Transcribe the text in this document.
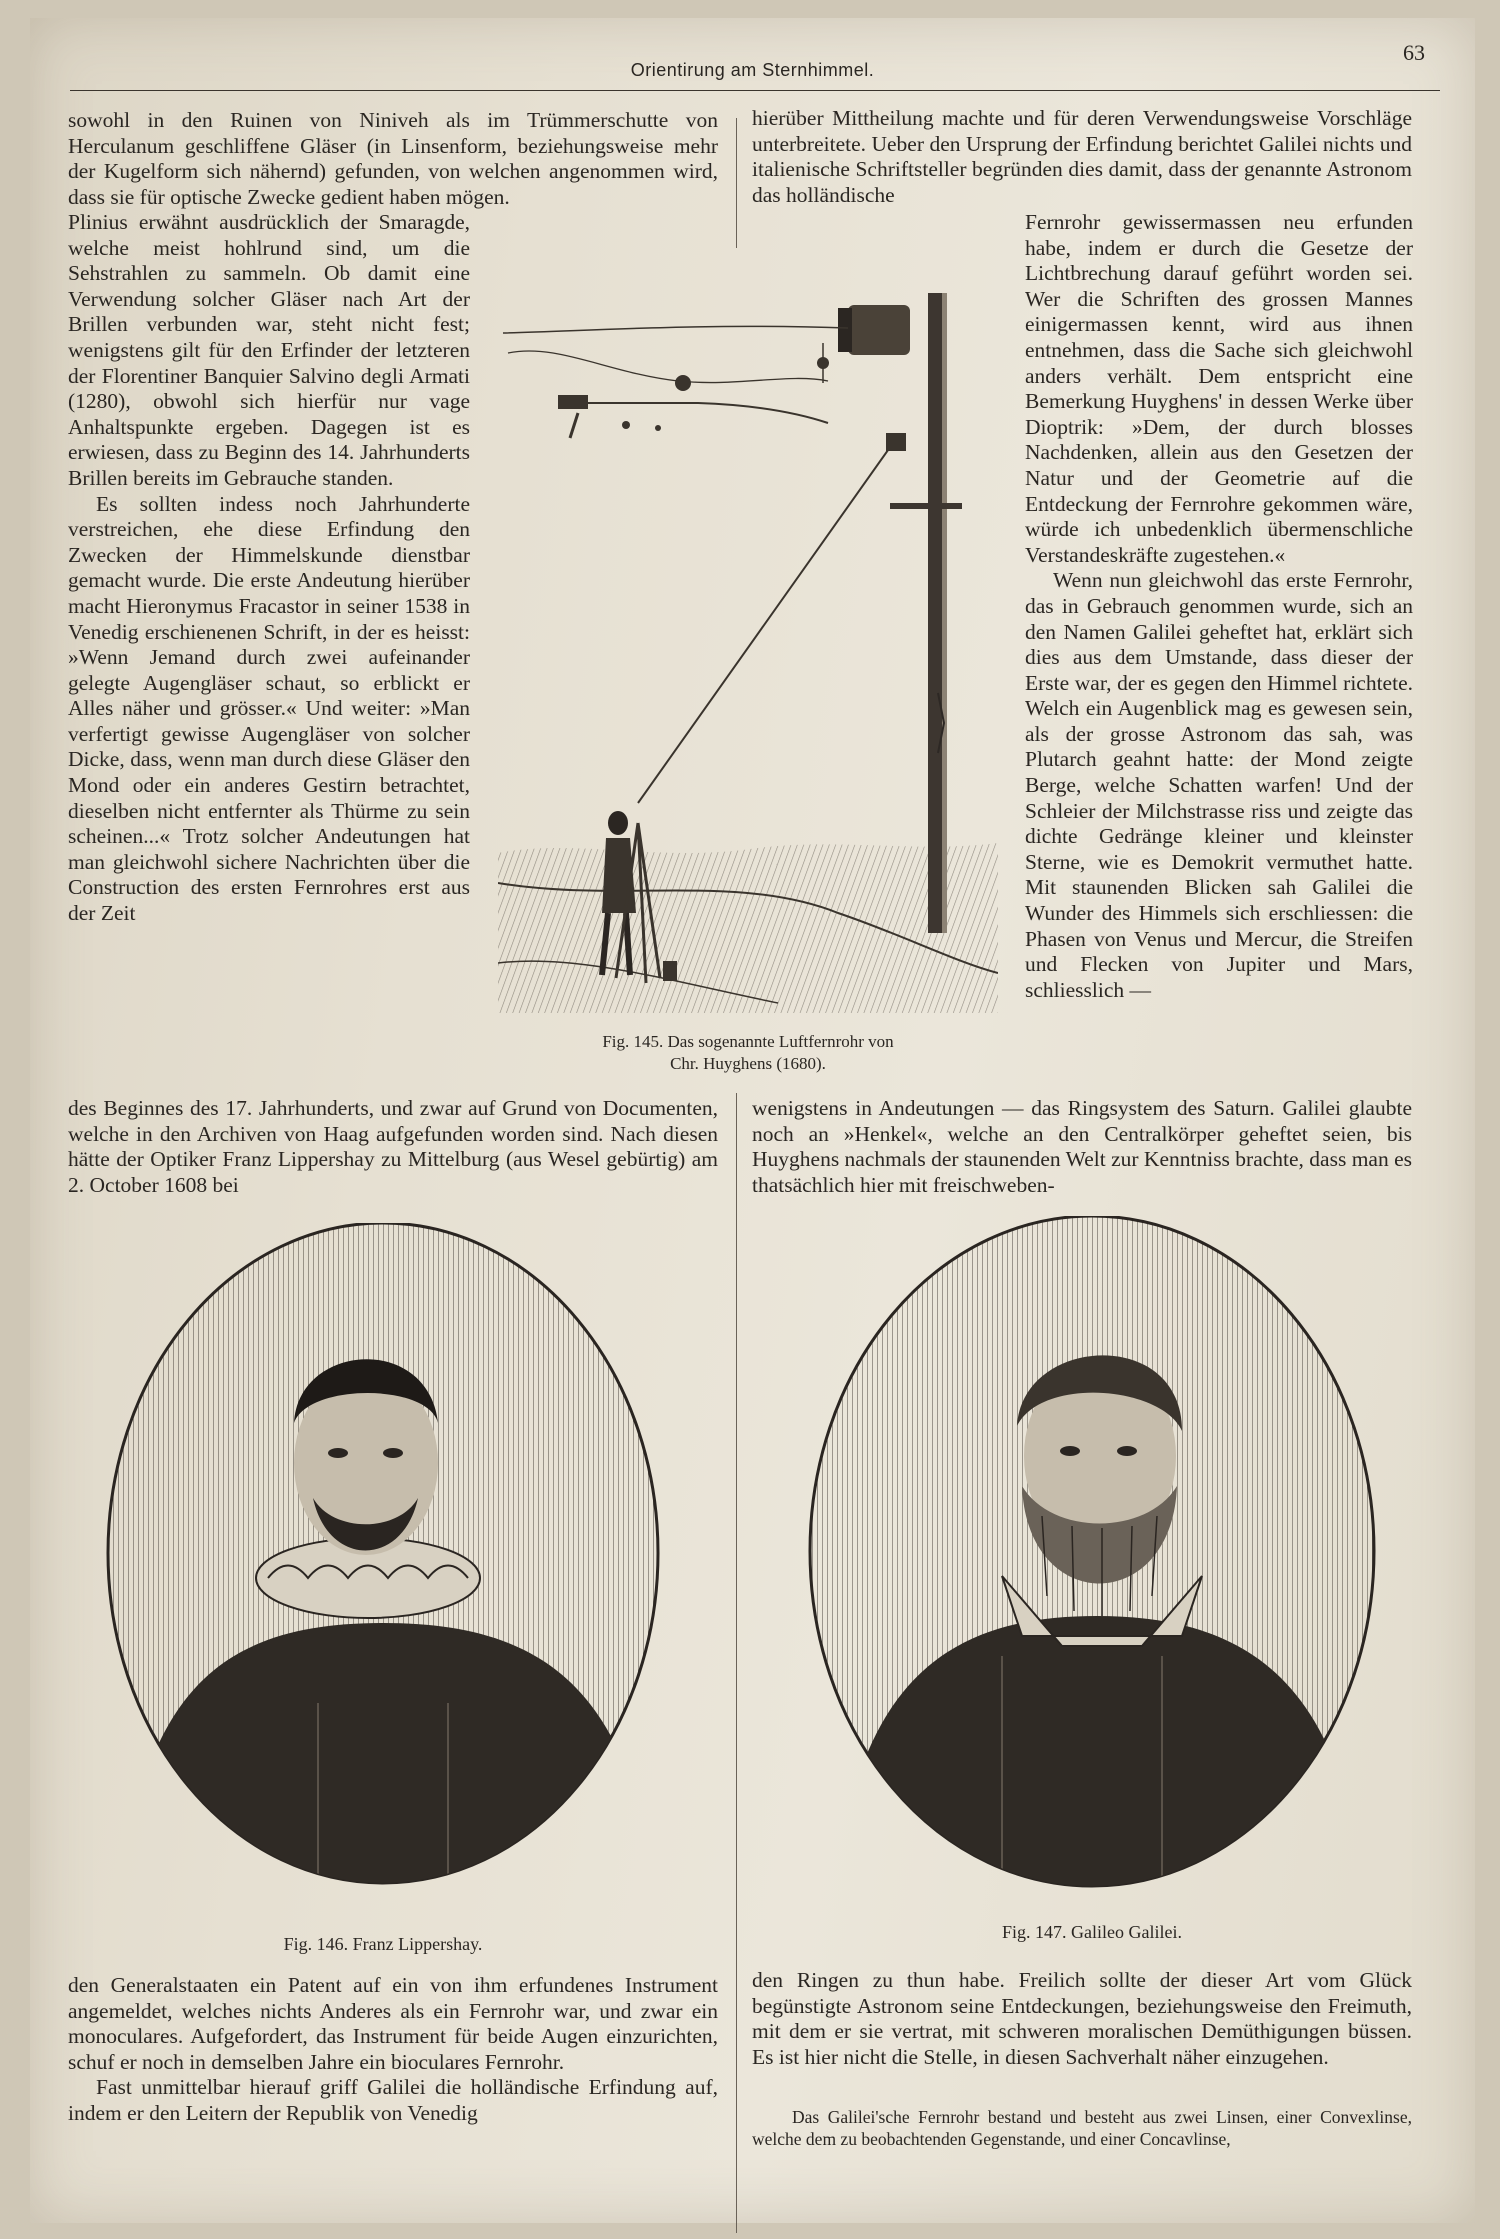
63
Orientirung am Sternhimmel.

sowohl in den Ruinen von Niniveh als im Trümmerschutte von Herculanum geschliffene Gläser (in Linsenform, beziehungsweise mehr der Kugelform sich nähernd) gefunden, von welchen angenommen wird, dass sie für optische Zwecke gedient haben mögen.

Plinius erwähnt ausdrücklich der Smaragde, welche meist hohlrund sind, um die Sehstrahlen zu sammeln. Ob damit eine Verwendung solcher Gläser nach Art der Brillen verbunden war, steht nicht fest; wenigstens gilt für den Erfinder der letzteren der Florentiner Banquier Salvino degli Armati (1280), obwohl sich hierfür nur vage Anhaltspunkte ergeben. Dagegen ist es erwiesen, dass zu Beginn des 14. Jahrhunderts Brillen bereits im Gebrauche standen.

Es sollten indess noch Jahrhunderte verstreichen, ehe diese Erfindung den Zwecken der Himmelskunde dienstbar gemacht wurde. Die erste Andeutung hierüber macht Hieronymus Fracastor in seiner 1538 in Venedig erschienenen Schrift, in der es heisst: »Wenn Jemand durch zwei aufeinander gelegte Augengläser schaut, so erblickt er Alles näher und grösser.« Und weiter: »Man verfertigt gewisse Augengläser von solcher Dicke, dass, wenn man durch diese Gläser den Mond oder ein anderes Gestirn betrachtet, dieselben nicht entfernter als Thürme zu sein scheinen...« Trotz solcher Andeutungen hat man gleichwohl sichere Nachrichten über die Construction des ersten Fernrohres erst aus der Zeit

hierüber Mittheilung machte und für deren Verwendungsweise Vorschläge unterbreitete. Ueber den Ursprung der Erfindung berichtet Galilei nichts und italienische Schriftsteller begründen dies damit, dass der genannte Astronom das holländische

Fernrohr gewissermassen neu erfunden habe, indem er durch die Gesetze der Lichtbrechung darauf geführt worden sei. Wer die Schriften des grossen Mannes einigermassen kennt, wird aus ihnen entnehmen, dass die Sache sich gleichwohl anders verhält. Dem entspricht eine Bemerkung Huyghens' in dessen Werke über Dioptrik: »Dem, der durch blosses Nachdenken, allein aus den Gesetzen der Natur und der Geometrie auf die Entdeckung der Fernrohre gekommen wäre, würde ich unbedenklich übermenschliche Verstandeskräfte zugestehen.«

Wenn nun gleichwohl das erste Fernrohr, das in Gebrauch genommen wurde, sich an den Namen Galilei geheftet hat, erklärt sich dies aus dem Umstande, dass dieser der Erste war, der es gegen den Himmel richtete. Welch ein Augenblick mag es gewesen sein, als der grosse Astronom das sah, was Plutarch geahnt hatte: der Mond zeigte Berge, welche Schatten warfen! Und der Schleier der Milchstrasse riss und zeigte das dichte Gedränge kleiner und kleinster Sterne, wie es Demokrit vermuthet hatte. Mit staunenden Blicken sah Galilei die Wunder des Himmels sich erschliessen: die Phasen von Venus und Mercur, die Streifen und Flecken von Jupiter und Mars, schliesslich —

Fig. 145. Das sogenannte Luftfernrohr von
Chr. Huyghens (1680).

des Beginnes des 17. Jahrhunderts, und zwar auf Grund von Documenten, welche in den Archiven von Haag aufgefunden worden sind. Nach diesen hätte der Optiker Franz Lippershay zu Mittelburg (aus Wesel gebürtig) am 2. October 1608 bei

wenigstens in Andeutungen — das Ringsystem des Saturn. Galilei glaubte noch an »Henkel«, welche an den Centralkörper geheftet seien, bis Huyghens nachmals der staunenden Welt zur Kenntniss brachte, dass man es thatsächlich hier mit freischweben-

Fig. 146. Franz Lippershay.
Fig. 147. Galileo Galilei.

den Generalstaaten ein Patent auf ein von ihm erfundenes Instrument angemeldet, welches nichts Anderes als ein Fernrohr war, und zwar ein monoculares. Aufgefordert, das Instrument für beide Augen einzurichten, schuf er noch in demselben Jahre ein bioculares Fernrohr.

Fast unmittelbar hierauf griff Galilei die holländische Erfindung auf, indem er den Leitern der Republik von Venedig

den Ringen zu thun habe. Freilich sollte der dieser Art vom Glück begünstigte Astronom seine Entdeckungen, beziehungsweise den Freimuth, mit dem er sie vertrat, mit schweren moralischen Demüthigungen büssen. Es ist hier nicht die Stelle, in diesen Sachverhalt näher einzugehen.

Das Galilei'sche Fernrohr bestand und besteht aus zwei Linsen, einer Convexlinse, welche dem zu beobachtenden Gegenstande, und einer Concavlinse,
